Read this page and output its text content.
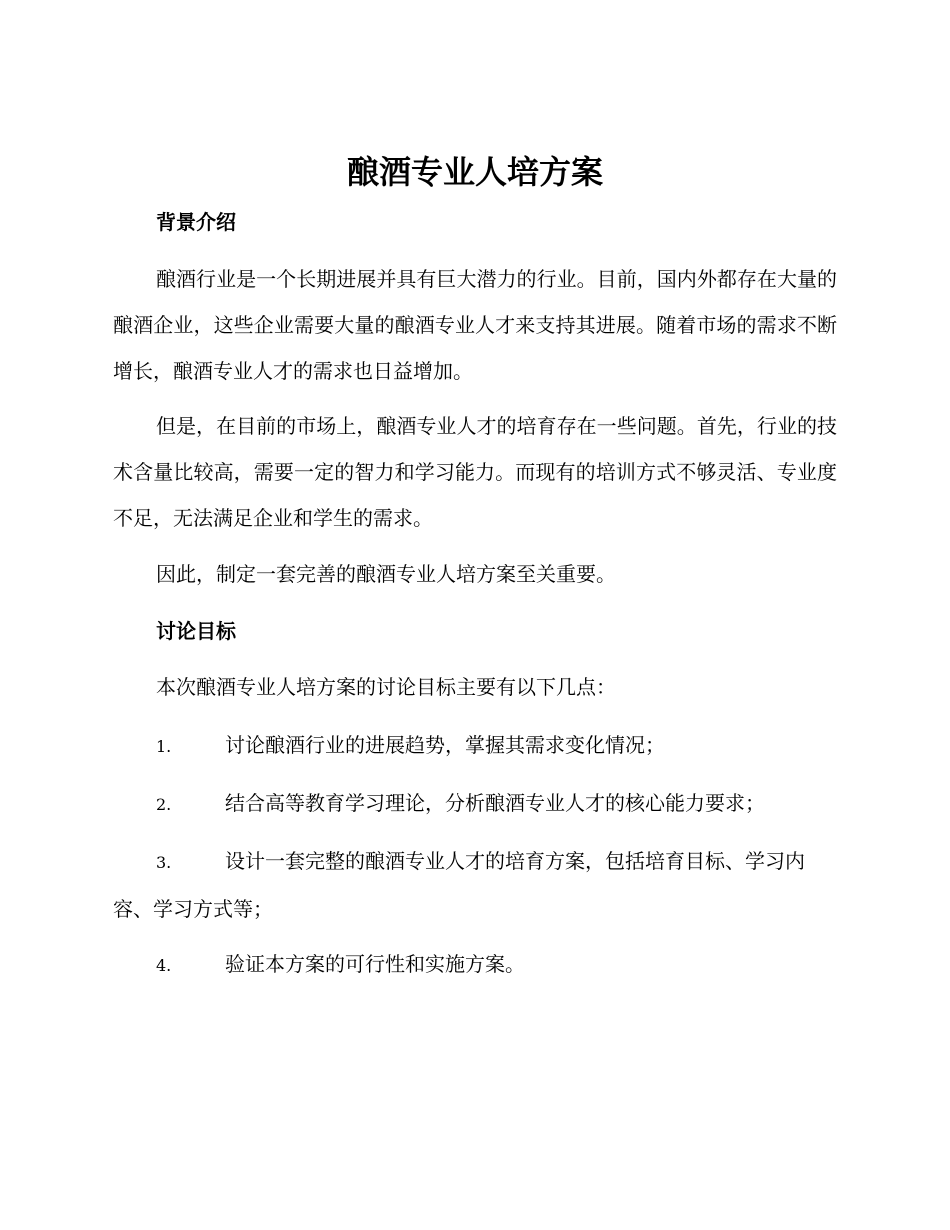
酿酒专业人培方案
背景介绍

酿酒行业是一个长期进展并具有巨大潜力的行业。目前，国内外都存在大量的酿酒企业，这些企业需要大量的酿酒专业人才来支持其进展。随着市场的需求不断增长，酿酒专业人才的需求也日益增加。

但是，在目前的市场上，酿酒专业人才的培育存在一些问题。首先，行业的技术含量比较高，需要一定的智力和学习能力。而现有的培训方式不够灵活、专业度不足，无法满足企业和学生的需求。

因此，制定一套完善的酿酒专业人培方案至关重要。

讨论目标

本次酿酒专业人培方案的讨论目标主要有以下几点：

1.	讨论酿酒行业的进展趋势，掌握其需求变化情况；

2.	结合高等教育学习理论，分析酿酒专业人才的核心能力要求；

3.	设计一套完整的酿酒专业人才的培育方案，包括培育目标、学习内容、学习方式等；

4.	验证本方案的可行性和实施方案。
